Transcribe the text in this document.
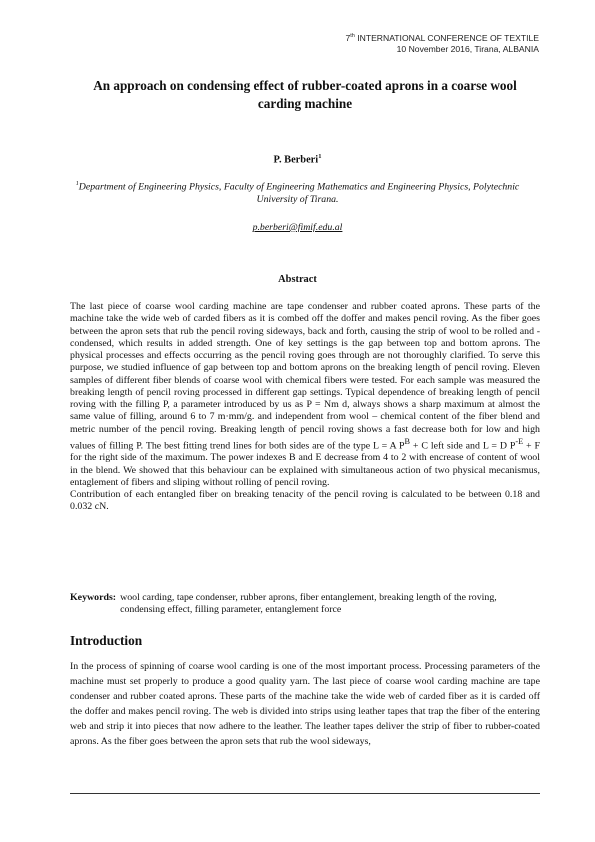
7th INTERNATIONAL CONFERENCE OF TEXTILE
10 November 2016, Tirana, ALBANIA
An approach on condensing effect of rubber-coated aprons in a coarse wool carding machine
P. Berberi$^1$
$^1$Department of Engineering Physics, Faculty of Engineering Mathematics and Engineering Physics, Polytechnic University of Tirana.
p.berberi@fimif.edu.al
Abstract

The last piece of coarse wool carding machine are tape condenser and rubber coated aprons. These parts of the machine take the wide web of carded fibers as it is combed off the doffer and makes pencil roving. As the fiber goes between the apron sets that rub the pencil roving sideways, back and forth, causing the strip of wool to be rolled and - condensed, which results in added strength. One of key settings is the gap between top and bottom aprons. The physical processes and effects occurring as the pencil roving goes through are not thoroughly clarified. To serve this purpose, we studied influence of gap between top and bottom aprons on the breaking length of pencil roving. Eleven samples of different fiber blends of coarse wool with chemical fibers were tested. For each sample was measured the breaking length of pencil roving processed in different gap settings. Typical dependence of breaking length of pencil roving with the filling P, a parameter introduced by us as P = Nm d, always shows a sharp maximum at almost the same value of filling, around 6 to 7 m·mm/g. and independent from wool – chemical content of the fiber blend and metric number of the pencil roving. Breaking length of pencil roving shows a fast decrease both for low and high values of filling P. The best fitting trend lines for both sides are of the type L = A $P^B + C$ left side and L = D $P^{-E} + F$ for the right side of the maximum. The power indexes B and E decrease from 4 to 2 with encrease of content of wool in the blend. We showed that this behaviour can be explained with simultaneous action of two physical mecanismus, entaglement of fibers and sliping without rolling of pencil roving.

Contribution of each entangled fiber on breaking tenacity of the pencil roving is calculated to be between 0.18 and 0.032 cN.

Keywords: wool carding, tape condenser, rubber aprons, fiber entanglement, breaking length of the roving, condensing effect, filling parameter, entanglement force
Introduction

In the process of spinning of coarse wool carding is one of the most important process. Processing parameters of the machine must set properly to produce a good quality yarn. The last piece of coarse wool carding machine are tape condenser and rubber coated aprons. These parts of the machine take the wide web of carded fiber as it is carded off the doffer and makes pencil roving. The web is divided into strips using leather tapes that trap the fiber of the entering web and strip it into pieces that now adhere to the leather. The leather tapes deliver the strip of fiber to rubber-coated aprons. As the fiber goes between the apron sets that rub the wool sideways,
